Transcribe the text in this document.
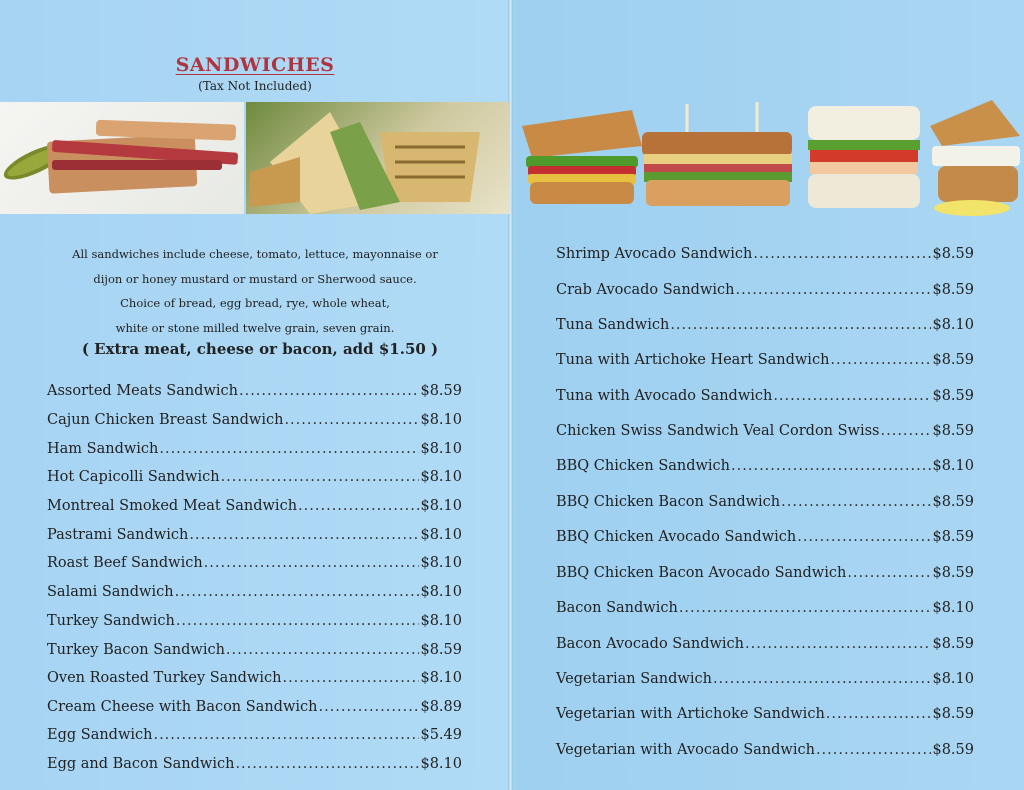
SANDWICHES
(Tax Not Included)
All sandwiches include cheese, tomato, lettuce, mayonnaise or
dijon or honey mustard or mustard or Sherwood sauce.
Choice of bread, egg bread, rye, whole wheat,
white or stone milled twelve grain, seven grain.
( Extra meat, cheese or bacon, add $1.50 )
Assorted Meats Sandwich .....	$8.59
Cajun Chicken Breast Sandwich .....	$8.10
Ham Sandwich .....	$8.10
Hot Capicolli Sandwich .....	$8.10
Montreal Smoked Meat Sandwich .....	$8.10
Pastrami Sandwich .....	$8.10
Roast Beef Sandwich .....	$8.10
Salami Sandwich .....	$8.10
Turkey Sandwich .....	$8.10
Turkey Bacon Sandwich .....	$8.59
Oven Roasted Turkey Sandwich .....	$8.10
Cream Cheese with Bacon Sandwich .....	$8.89
Egg Sandwich .....	$5.49
Egg and Bacon Sandwich .....	$8.10
Shrimp Avocado Sandwich .....	$8.59
Crab Avocado Sandwich .....	$8.59
Tuna Sandwich .....	$8.10
Tuna with Artichoke Heart Sandwich .....	$8.59
Tuna with Avocado Sandwich .....	$8.59
Chicken Swiss Sandwich Veal Cordon Swiss .....	$8.59
BBQ Chicken Sandwich .....	$8.10
BBQ Chicken Bacon Sandwich .....	$8.59
BBQ Chicken Avocado Sandwich .....	$8.59
BBQ Chicken Bacon Avocado Sandwich .....	$8.59
Bacon Sandwich .....	$8.10
Bacon Avocado Sandwich .....	$8.59
Vegetarian Sandwich .....	$8.10
Vegetarian with Artichoke Sandwich .....	$8.59
Vegetarian with Avocado Sandwich .....	$8.59
